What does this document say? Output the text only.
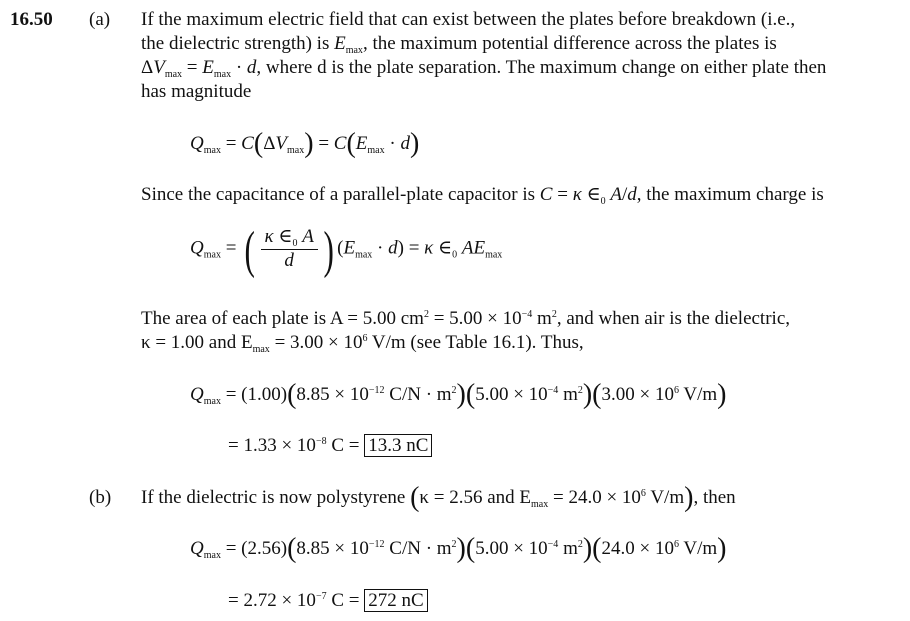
16.50 (a) If the maximum electric field that can exist between the plates before breakdown (i.e.,
the dielectric strength) is $E_{max}$, the maximum potential difference across the plates is
$\Delta V_{max} = E_{max} \cdot d$, where d is the plate separation. The maximum change on either plate then
has magnitude
$Q_{max} = C(\Delta V_{max}) = C(E_{max} \cdot d)$
Since the capacitance of a parallel-plate capacitor is C = κ $\in_0$ A/d, the maximum charge is
$Q_{max}$ = ( $\frac{\kappa \in_0 A}{d}$ ) $(E_{max} \cdot d) = \kappa$ $\in_0$ $AE_{max}$
The area of each plate is A = 5.00 $cm^2 = 5.00 \times 10^{-4}$ $m^2$, and when air is the dielectric,
κ = 1.00 and $E_{max} = 3.00 \times 10^6$ V/m (see Table 16.1). Thus,
$Q_{max} = (1.00)(8.85 \times 10^{-12}$ $C/N \cdot m^2)(5.00 \times 10^{-4}$ $m^2)(3.00 \times 10^6$ V/m)
= $1.33 \times 10^{-8}$ C = 13.3 nC
(b) If the dielectric is now polystyrene (κ = 2.56 and $E_{max} = 24.0 \times 10^6$ V/m), then
$Q_{max} = (2.56)(8.85 \times 10^{-12}$ $C/N \cdot m^2)(5.00 \times 10^{-4}$ $m^2)(24.0 \times 10^6$ V/m)
= $2.72 \times 10^{-7}$ C = 272 nC
